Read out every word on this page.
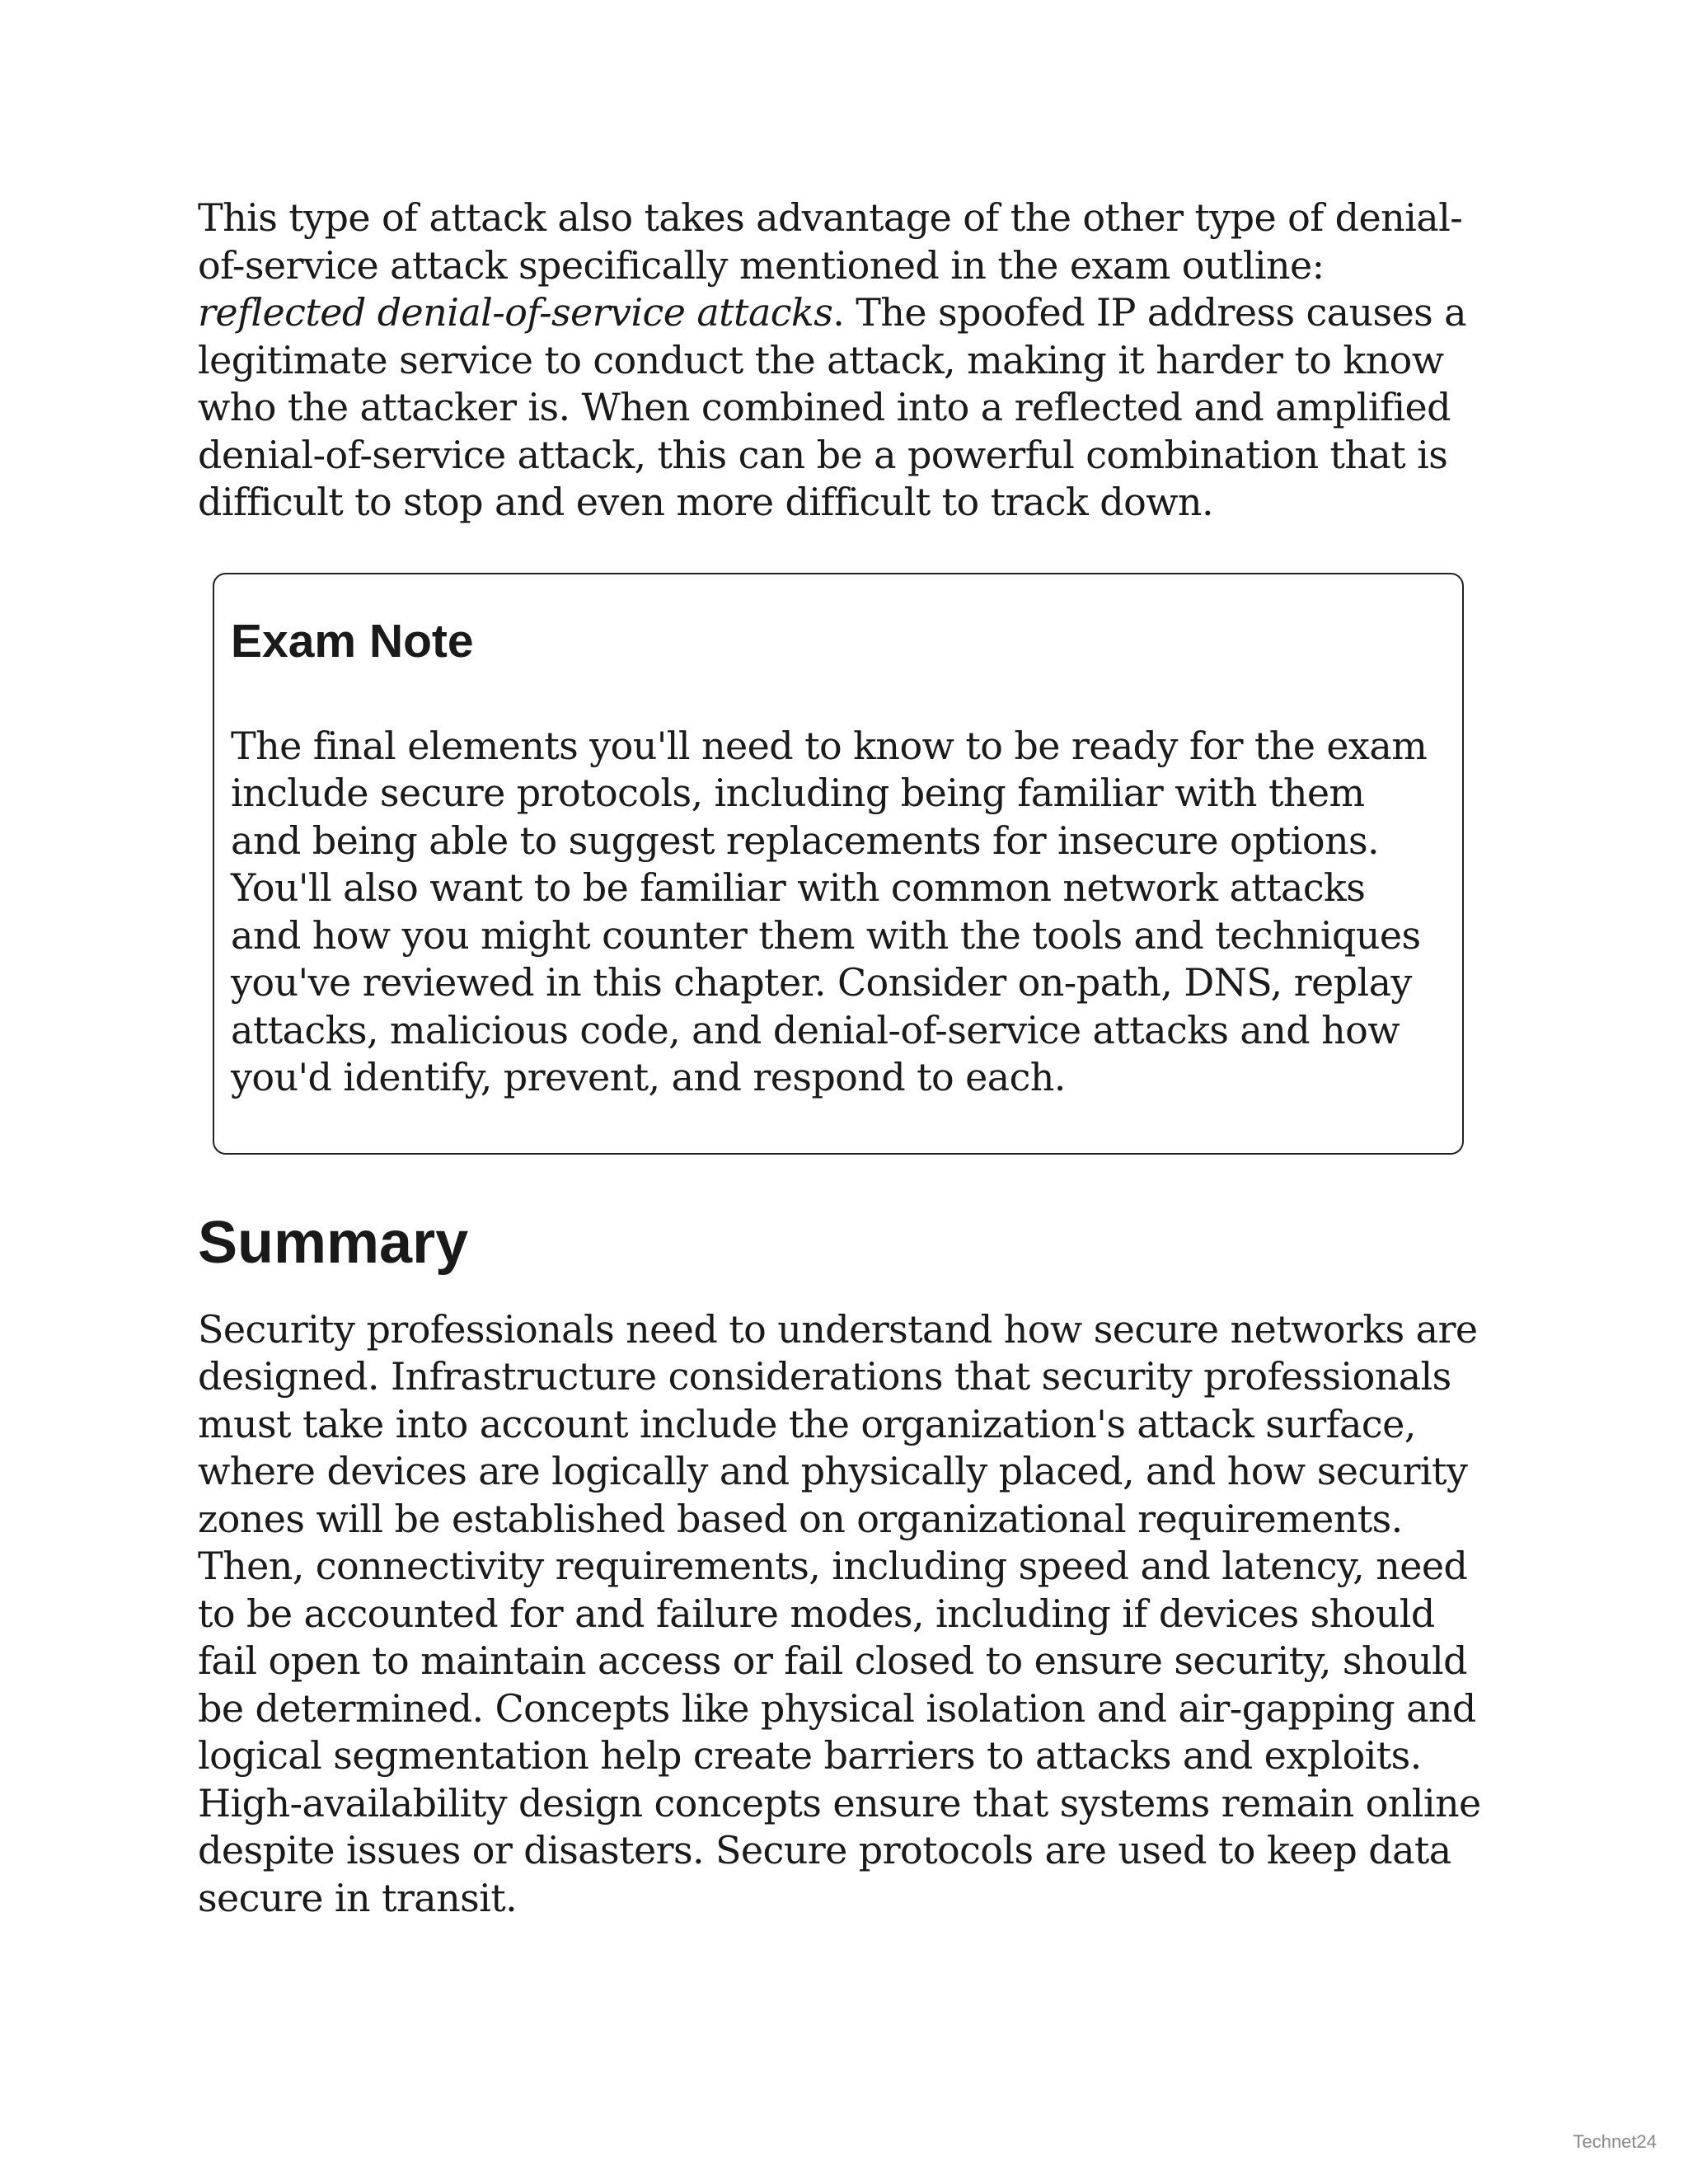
This type of attack also takes advantage of the other type of denial-of-service attack specifically mentioned in the exam outline: reflected denial-of-service attacks. The spoofed IP address causes a legitimate service to conduct the attack, making it harder to know who the attacker is. When combined into a reflected and amplified denial-of-service attack, this can be a powerful combination that is difficult to stop and even more difficult to track down.

Exam Note

The final elements you'll need to know to be ready for the exam include secure protocols, including being familiar with them and being able to suggest replacements for insecure options. You'll also want to be familiar with common network attacks and how you might counter them with the tools and techniques you've reviewed in this chapter. Consider on-path, DNS, replay attacks, malicious code, and denial-of-service attacks and how you'd identify, prevent, and respond to each.

Summary

Security professionals need to understand how secure networks are designed. Infrastructure considerations that security professionals must take into account include the organization's attack surface, where devices are logically and physically placed, and how security zones will be established based on organizational requirements. Then, connectivity requirements, including speed and latency, need to be accounted for and failure modes, including if devices should fail open to maintain access or fail closed to ensure security, should be determined. Concepts like physical isolation and air-gapping and logical segmentation help create barriers to attacks and exploits. High-availability design concepts ensure that systems remain online despite issues or disasters. Secure protocols are used to keep data secure in transit.

Technet24
